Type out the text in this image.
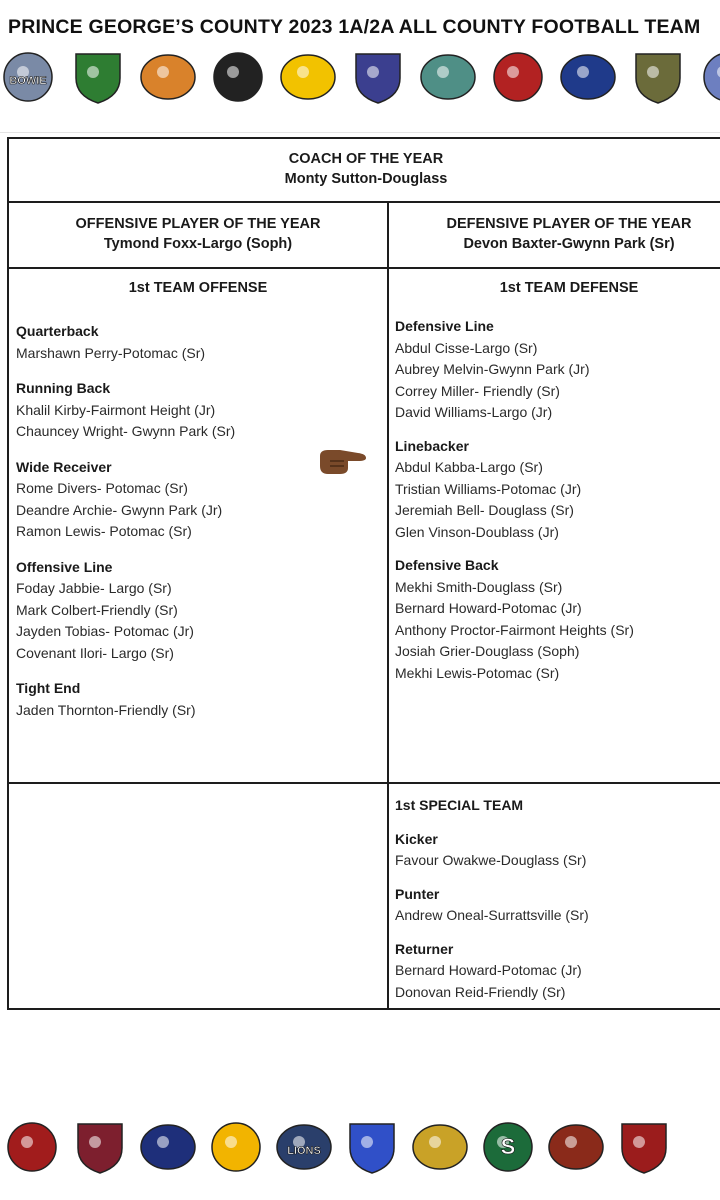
PRINCE GEORGE’S COUNTY 2023 1A/2A ALL COUNTY FOOTBALL TEAM
BOWIE
COACH OF THE YEAR
Monty Sutton-Douglass
OFFENSIVE PLAYER OF THE YEAR
Tymond Foxx-Largo (Soph)
DEFENSIVE PLAYER OF THE YEAR
Devon Baxter-Gwynn Park (Sr)
1st TEAM OFFENSE	1st TEAM DEFENSE
Quarterback
Marshawn Perry-Potomac (Sr)
Running Back
Khalil Kirby-Fairmont Height (Jr)
Chauncey Wright- Gwynn Park (Sr)
Wide Receiver
Rome Divers- Potomac (Sr)
Deandre Archie- Gwynn Park (Jr)
Ramon Lewis- Potomac (Sr)
Offensive Line
Foday Jabbie- Largo (Sr)
Mark Colbert-Friendly (Sr)
Jayden Tobias- Potomac (Jr)
Covenant Ilori- Largo (Sr)
Tight End
Jaden Thornton-Friendly (Sr)
Defensive Line
Abdul Cisse-Largo (Sr)
Aubrey Melvin-Gwynn Park (Jr)
Correy Miller- Friendly (Sr)
David Williams-Largo (Jr)
Linebacker
Abdul Kabba-Largo (Sr)
Tristian Williams-Potomac (Jr)
Jeremiah Bell- Douglass (Sr)
Glen Vinson-Doublass (Jr)
Defensive Back
Mekhi Smith-Douglass (Sr)
Bernard Howard-Potomac (Jr)
Anthony Proctor-Fairmont Heights (Sr)
Josiah Grier-Douglass (Soph)
Mekhi Lewis-Potomac (Sr)
1st SPECIAL TEAM
Kicker
Favour Owakwe-Douglass (Sr)
Punter
Andrew Oneal-Surrattsville (Sr)
Returner
Bernard Howard-Potomac (Jr)
Donovan Reid-Friendly (Sr)
LIONS	S
